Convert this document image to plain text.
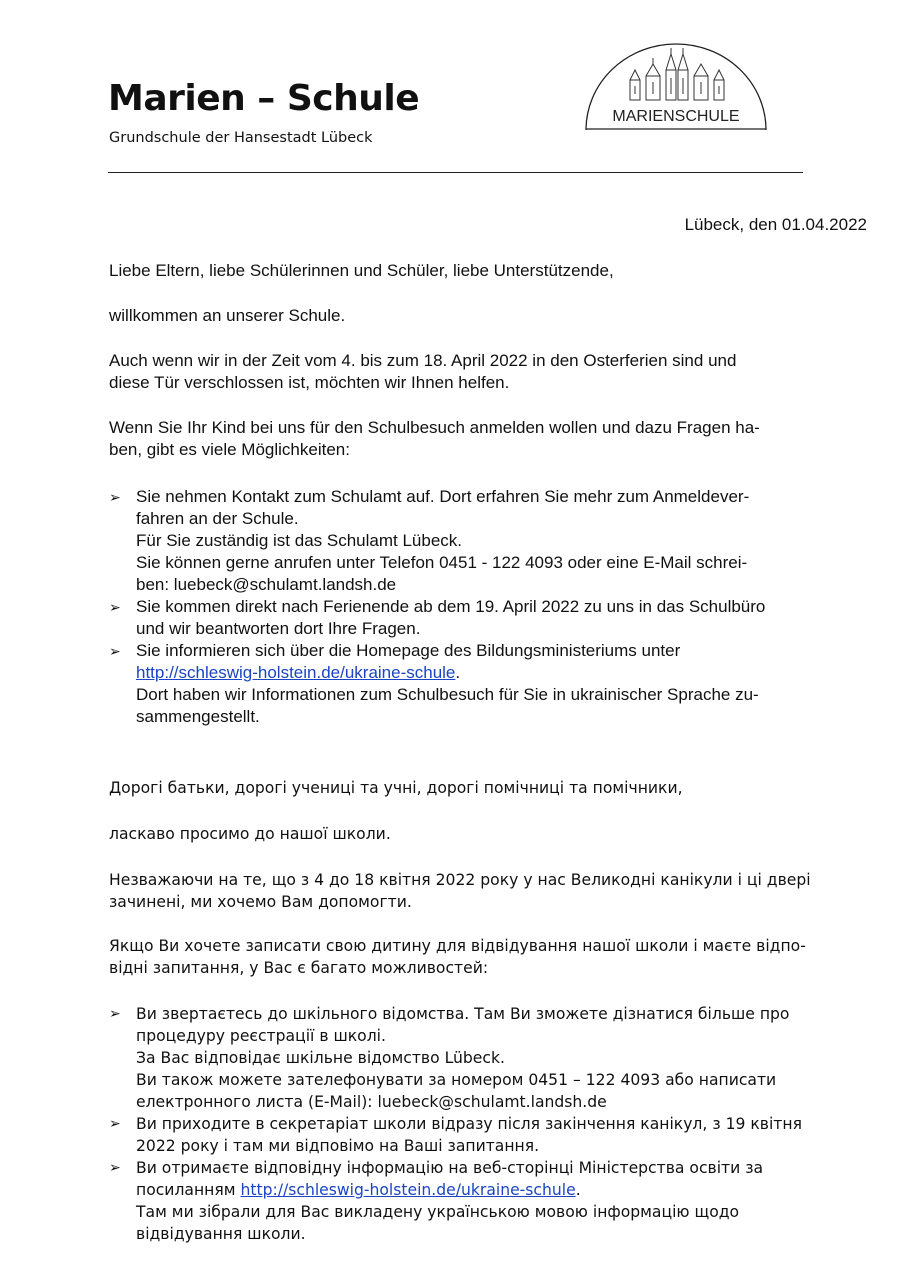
Marien – Schule
Grundschule der Hansestadt Lübeck
MARIENSCHULE
Lübeck, den 01.04.2022

Liebe Eltern, liebe Schülerinnen und Schüler, liebe Unterstützende,

willkommen an unserer Schule.

Auch wenn wir in der Zeit vom 4. bis zum 18. April 2022 in den Osterferien sind und
diese Tür verschlossen ist, möchten wir Ihnen helfen.
Wenn Sie Ihr Kind bei uns für den Schulbesuch anmelden wollen und dazu Fragen ha-
ben, gibt es viele Möglichkeiten:
➢ Sie nehmen Kontakt zum Schulamt auf. Dort erfahren Sie mehr zum Anmeldever-
fahren an der Schule.
Für Sie zuständig ist das Schulamt Lübeck.
Sie können gerne anrufen unter Telefon 0451 - 122 4093 oder eine E-Mail schrei-
ben: luebeck@schulamt.landsh.de
➢ Sie kommen direkt nach Ferienende ab dem 19. April 2022 zu uns in das Schulbüro
und wir beantworten dort Ihre Fragen.
➢ Sie informieren sich über die Homepage des Bildungsministeriums unter
http://schleswig-holstein.de/ukraine-schule.
Dort haben wir Informationen zum Schulbesuch für Sie in ukrainischer Sprache zu-
sammengestellt.

Дорогі батьки, дорогі учениці та учні, дорогі помічниці та помічники,

ласкаво просимо до нашої школи.

Незважаючи на те, що з 4 до 18 квітня 2022 року у нас Великодні канікули і ці двері
зачинені, ми хочемо Вам допомогти.
Якщо Ви хочете записати свою дитину для відвідування нашої школи і маєте відпо-
відні запитання, у Вас є багато можливостей:
➢ Ви звертаєтесь до шкільного відомства. Там Ви зможете дізнатися більше про
процедуру реєстрації в школі.
За Вас відповідає шкільне відомство Lübeck.
Ви також можете зателефонувати за номером 0451 – 122 4093 або написати
електронного листа (E-Mail): luebeck@schulamt.landsh.de
➢ Ви приходите в секретаріат школи відразу після закінчення канікул, з 19 квітня
2022 року і там ми відповімо на Ваші запитання.
➢ Ви отримаєте відповідну інформацію на веб-сторінці Міністерства освіти за
посиланням http://schleswig-holstein.de/ukraine-schule.
Там ми зібрали для Вас викладену українською мовою інформацію щодо
відвідування школи.
